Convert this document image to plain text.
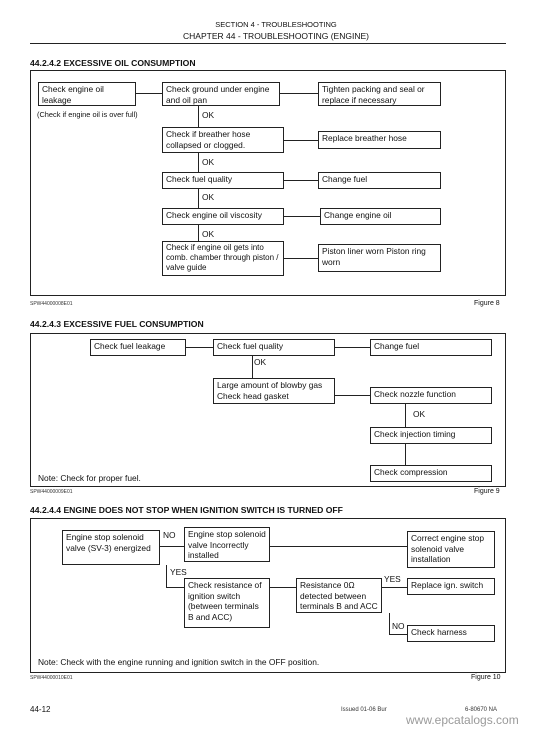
SECTION 4 - TROUBLESHOOTING
CHAPTER 44 - TROUBLESHOOTING (ENGINE)
44.2.4.2 EXCESSIVE OIL CONSUMPTION
Check engine oil leakage
(Check if engine oil is over full)
Check ground under engine and oil pan
Tighten packing and seal or replace if necessary
OK
Check if breather hose collapsed or clogged.
Replace breather hose
OK
Check fuel quality	Change fuel
OK
Check engine oil viscosity	Change engine oil
OK
Check if engine oil gets into comb. chamber through piston / valve guide
Piston liner worn Piston ring worn
SPW44000008E01	Figure 8
44.2.4.3 EXCESSIVE FUEL CONSUMPTION
Check fuel leakage	Check fuel quality	Change fuel
OK
Large amount of blowby gas Check head gasket	Check nozzle function
OK
Check injection timing
Check compression
Note: Check for proper fuel.
SPW44000009E01	Figure 9
44.2.4.4 ENGINE DOES NOT STOP WHEN IGNITION SWITCH IS TURNED OFF
Engine stop solenoid valve (SV-3) energized
NO	Engine stop solenoid valve Incorrectly installed
Correct engine stop solenoid valve installation
YES
Check resistance of ignition switch (between terminals B and ACC)
Resistance 0Ω detected between terminals B and ACC
YES
Replace ign. switch
NO
Check harness
Note: Check with the engine running and ignition switch in the OFF position.
SPW44000010E01	Figure 10
44-12	Issued 01-06 Bur	6-80670 NA
www.epcatalogs.com
